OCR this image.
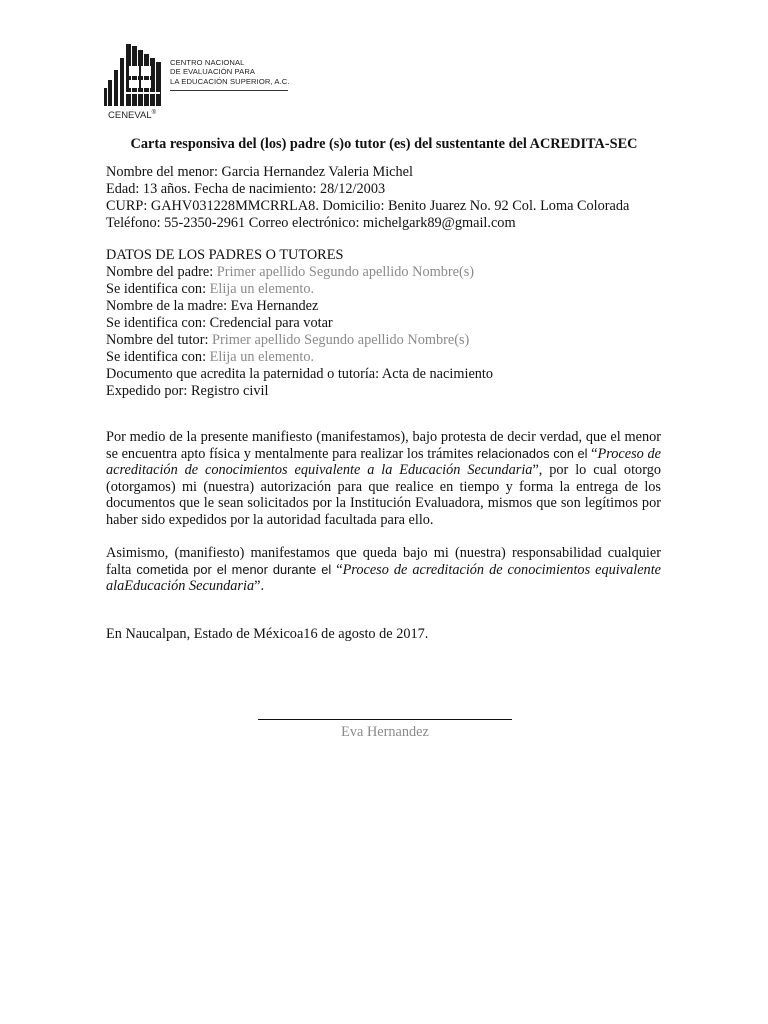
CENTRO NACIONAL
DE EVALUACIÓN PARA
LA EDUCACIÓN SUPERIOR, A.C.
CENEVAL®
Carta responsiva del (los) padre (s)o tutor (es) del sustentante del ACREDITA-SEC
Nombre del menor: Garcia Hernandez Valeria Michel
Edad: 13 años. Fecha de nacimiento: 28/12/2003
CURP: GAHV031228MMCRRLA8. Domicilio: Benito Juarez No. 92 Col. Loma Colorada
Teléfono: 55-2350-2961 Correo electrónico: michelgark89@gmail.com
DATOS DE LOS PADRES O TUTORES
Nombre del padre: Primer apellido Segundo apellido Nombre(s)
Se identifica con: Elija un elemento.
Nombre de la madre: Eva Hernandez
Se identifica con: Credencial para votar
Nombre del tutor: Primer apellido Segundo apellido Nombre(s)
Se identifica con: Elija un elemento.
Documento que acredita la paternidad o tutoría: Acta de nacimiento
Expedido por: Registro civil
Por medio de la presente manifiesto (manifestamos), bajo protesta de decir verdad, que el menor se encuentra apto física y mentalmente para realizar los trámites relacionados con el “Proceso de acreditación de conocimientos equivalente a la Educación Secundaria”, por lo cual otorgo (otorgamos) mi (nuestra) autorización para que realice en tiempo y forma la entrega de los documentos que le sean solicitados por la Institución Evaluadora, mismos que son legítimos por haber sido expedidos por la autoridad facultada para ello.
Asimismo, (manifiesto) manifestamos que queda bajo mi (nuestra) responsabilidad cualquier falta cometida por el menor durante el “Proceso de acreditación de conocimientos equivalente alaEducación Secundaria”.
En Naucalpan, Estado de Méxicoa16 de agosto de 2017.
Eva Hernandez
